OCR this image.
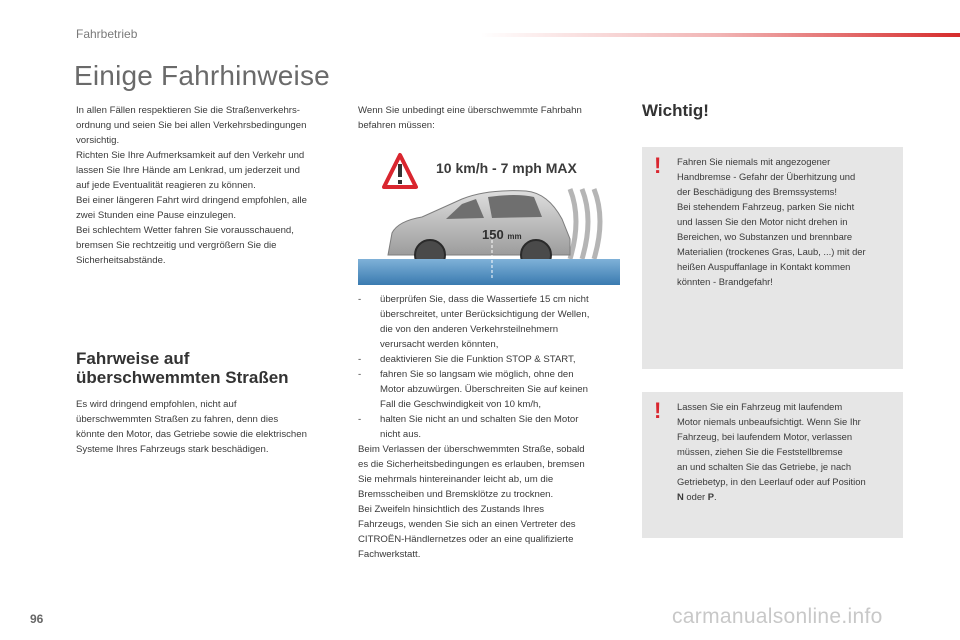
Fahrbetrieb
Einige Fahrhinweise

In allen Fällen respektieren Sie die Straßenverkehrs-

ordnung und seien Sie bei allen Verkehrsbedingungen

vorsichtig.

Richten Sie Ihre Aufmerksamkeit auf den Verkehr und

lassen Sie Ihre Hände am Lenkrad, um jederzeit und

auf jede Eventualität reagieren zu können.

Bei einer längeren Fahrt wird dringend empfohlen, alle

zwei Stunden eine Pause einzulegen.

Bei schlechtem Wetter fahren Sie vorausschauend,

bremsen Sie rechtzeitig und vergrößern Sie die

Sicherheitsabstände.

Fahrweise auf
überschwemmten Straßen

Es wird dringend empfohlen, nicht auf

überschwemmten Straßen zu fahren, denn dies

könnte den Motor, das Getriebe sowie die elektrischen

Systeme Ihres Fahrzeugs stark beschädigen.

Wenn Sie unbedingt eine überschwemmte Fahrbahn
befahren müssen:

10 km/h - 7 mph MAX
150 mm
- überprüfen Sie, dass die Wassertiefe 15 cm nicht
überschreitet, unter Berücksichtigung der Wellen,
die von den anderen Verkehrsteilnehmern
verursacht werden könnten,
- deaktivieren Sie die Funktion STOP & START,
- fahren Sie so langsam wie möglich, ohne den
Motor abzuwürgen. Überschreiten Sie auf keinen
Fall die Geschwindigkeit von 10 km/h,
- halten Sie nicht an und schalten Sie den Motor
nicht aus.

Beim Verlassen der überschwemmten Straße, sobald
es die Sicherheitsbedingungen es erlauben, bremsen
Sie mehrmals hintereinander leicht ab, um die
Bremsscheiben und Bremsklötze zu trocknen.
Bei Zweifeln hinsichtlich des Zustands Ihres
Fahrzeugs, wenden Sie sich an einen Vertreter des
CITROËN-Händlernetzes oder an eine qualifizierte
Fachwerkstatt.

Wichtig!
! Fahren Sie niemals mit angezogener
Handbremse - Gefahr der Überhitzung und
der Beschädigung des Bremssystems!
Bei stehendem Fahrzeug, parken Sie nicht
und lassen Sie den Motor nicht drehen in
Bereichen, wo Substanzen und brennbare
Materialien (trockenes Gras, Laub, ...) mit der
heißen Auspuffanlage in Kontakt kommen
könnten - Brandgefahr!

! Lassen Sie ein Fahrzeug mit laufendem
Motor niemals unbeaufsichtigt. Wenn Sie Ihr
Fahrzeug, bei laufendem Motor, verlassen
müssen, ziehen Sie die Feststellbremse
an und schalten Sie das Getriebe, je nach
Getriebetyp, in den Leerlauf oder auf Position
N oder P.

96	carmanualsonline.info
